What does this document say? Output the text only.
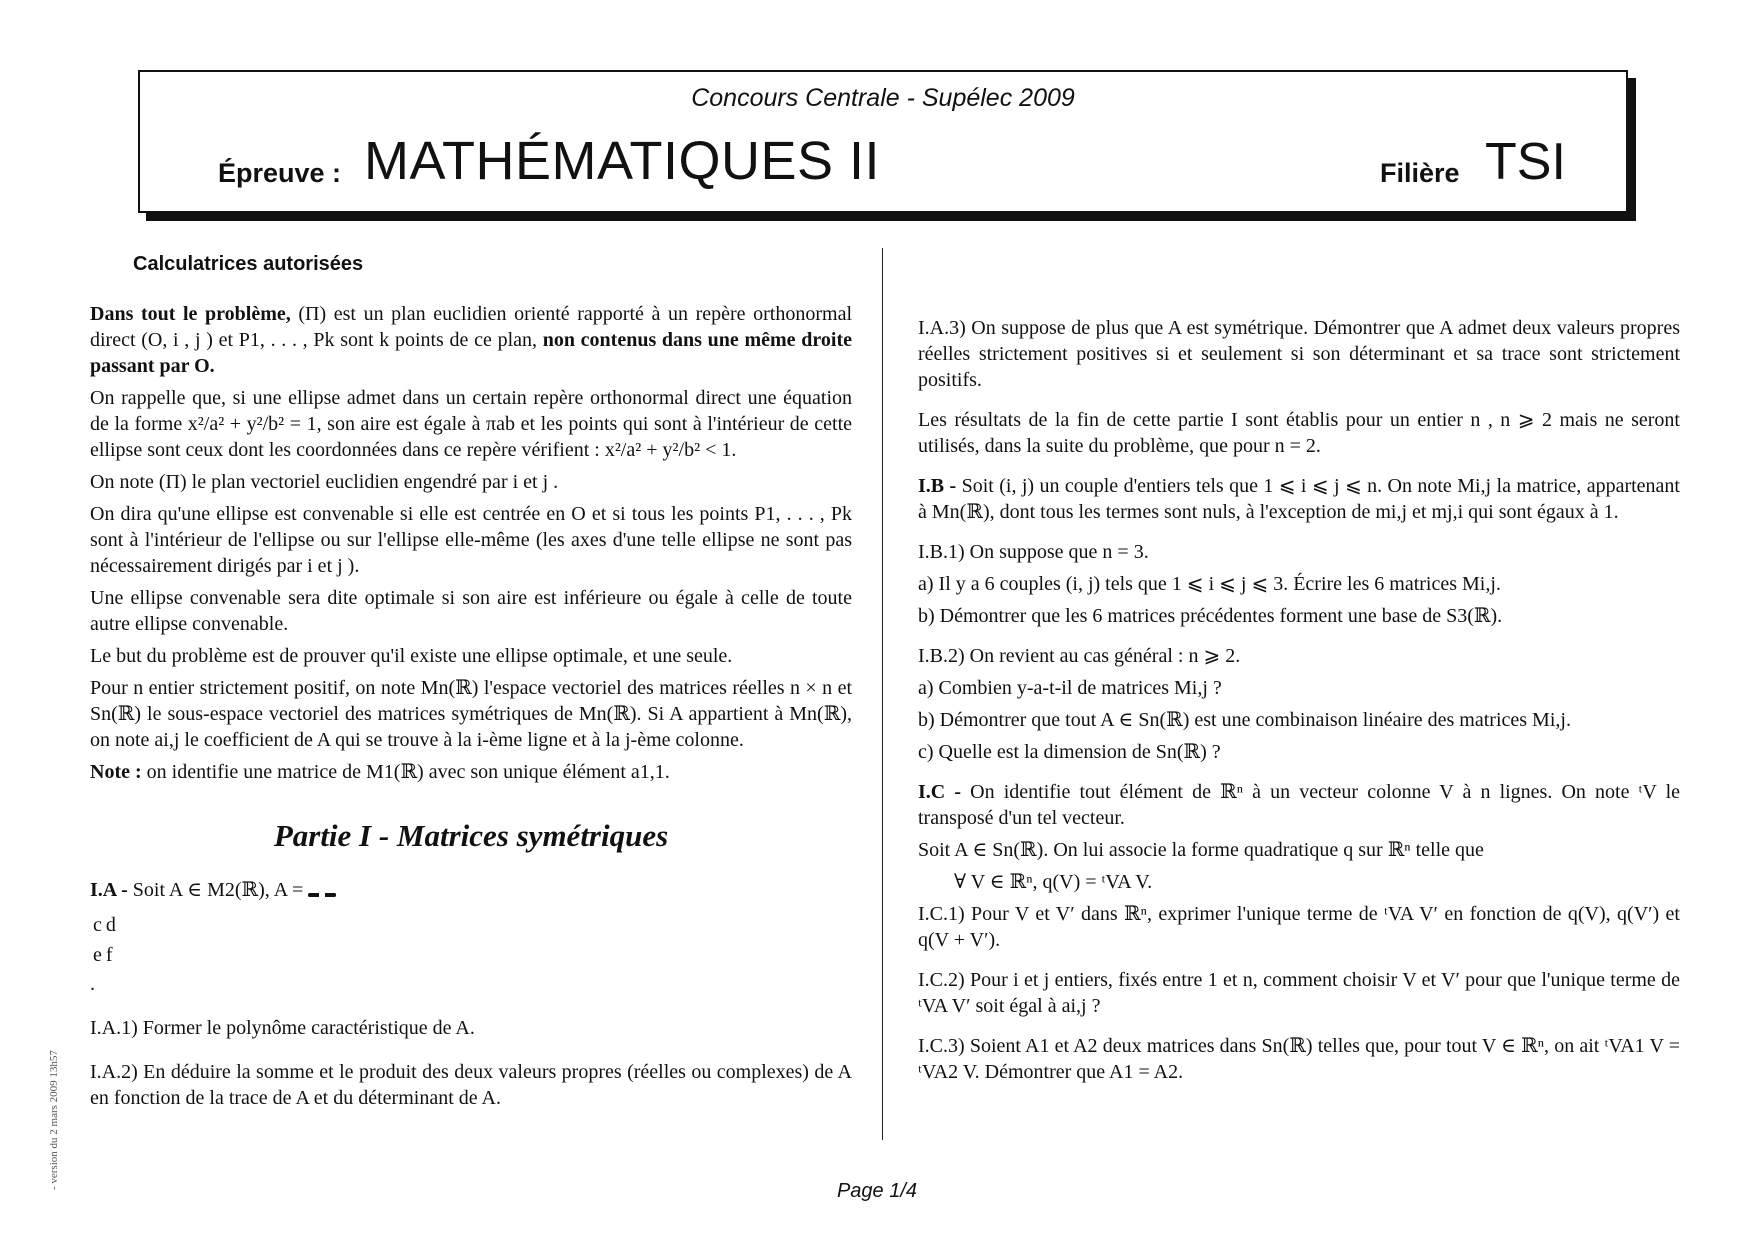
Concours Centrale - Supélec 2009
Épreuve : MATHÉMATIQUES II	Filière TSI
Calculatrices autorisées

Dans tout le problème, (Π) est un plan euclidien orienté rapporté à un repère orthonormal direct (O, i , j ) et P1, . . . , Pk sont k points de ce plan, non contenus dans une même droite passant par O.

On rappelle que, si une ellipse admet dans un certain repère orthonormal direct une équation de la forme x²/a² + y²/b² = 1, son aire est égale à πab et les points qui sont à l'intérieur de cette ellipse sont ceux dont les coordonnées dans ce repère vérifient : x²/a² + y²/b² < 1.

On note (Π) le plan vectoriel euclidien engendré par i et j .

On dira qu'une ellipse est convenable si elle est centrée en O et si tous les points P1, . . . , Pk sont à l'intérieur de l'ellipse ou sur l'ellipse elle-même (les axes d'une telle ellipse ne sont pas nécessairement dirigés par i et j ).

Une ellipse convenable sera dite optimale si son aire est inférieure ou égale à celle de toute autre ellipse convenable.

Le but du problème est de prouver qu'il existe une ellipse optimale, et une seule.

Pour n entier strictement positif, on note Mn(ℝ) l'espace vectoriel des matrices réelles n × n et Sn(ℝ) le sous-espace vectoriel des matrices symétriques de Mn(ℝ). Si A appartient à Mn(ℝ), on note ai,j le coefficient de A qui se trouve à la i-ème ligne et à la j-ème colonne.

Note : on identifie une matrice de M1(ℝ) avec son unique élément a1,1.

Partie I - Matrices symétriques

I.A - Soit A ∈ M2(ℝ), A =

c	d
e	f
.

I.A.1) Former le polynôme caractéristique de A.

I.A.2) En déduire la somme et le produit des deux valeurs propres (réelles ou complexes) de A en fonction de la trace de A et du déterminant de A.

I.A.3) On suppose de plus que A est symétrique. Démontrer que A admet deux valeurs propres réelles strictement positives si et seulement si son déterminant et sa trace sont strictement positifs.

Les résultats de la fin de cette partie I sont établis pour un entier n , n ⩾ 2 mais ne seront utilisés, dans la suite du problème, que pour n = 2.

I.B - Soit (i, j) un couple d'entiers tels que 1 ⩽ i ⩽ j ⩽ n. On note Mi,j la matrice, appartenant à Mn(ℝ), dont tous les termes sont nuls, à l'exception de mi,j et mj,i qui sont égaux à 1.

I.B.1) On suppose que n = 3.

a) Il y a 6 couples (i, j) tels que 1 ⩽ i ⩽ j ⩽ 3. Écrire les 6 matrices Mi,j.

b) Démontrer que les 6 matrices précédentes forment une base de S3(ℝ).

I.B.2) On revient au cas général : n ⩾ 2.

a) Combien y-a-t-il de matrices Mi,j ?

b) Démontrer que tout A ∈ Sn(ℝ) est une combinaison linéaire des matrices Mi,j.

c) Quelle est la dimension de Sn(ℝ) ?

I.C - On identifie tout élément de ℝⁿ à un vecteur colonne V à n lignes. On note ᵗV le transposé d'un tel vecteur.

Soit A ∈ Sn(ℝ). On lui associe la forme quadratique q sur ℝⁿ telle que

∀ V ∈ ℝⁿ, q(V) = ᵗVA V.

I.C.1) Pour V et V′ dans ℝⁿ, exprimer l'unique terme de ᵗVA V′ en fonction de q(V), q(V′) et q(V + V′).

I.C.2) Pour i et j entiers, fixés entre 1 et n, comment choisir V et V′ pour que l'unique terme de ᵗVA V′ soit égal à ai,j ?

I.C.3) Soient A1 et A2 deux matrices dans Sn(ℝ) telles que, pour tout V ∈ ℝⁿ, on ait ᵗVA1 V = ᵗVA2 V. Démontrer que A1 = A2.

Page 1/4
- version du 2 mars 2009 13h57
